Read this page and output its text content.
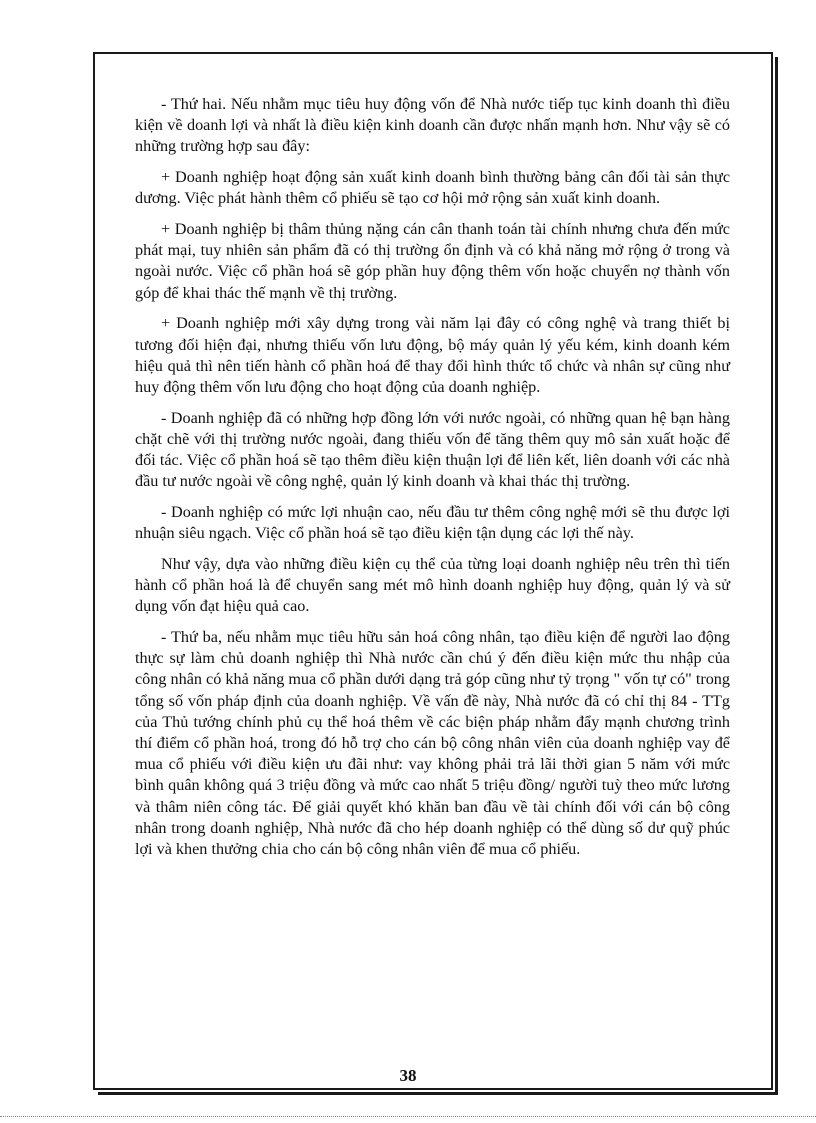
- Thứ hai. Nếu nhằm mục tiêu huy động vốn để Nhà nước tiếp tục kinh doanh thì điều kiện về doanh lợi và nhất là điều kiện kinh doanh cần được nhấn mạnh hơn. Như vậy sẽ có những trường hợp sau đây:

+ Doanh nghiệp hoạt động sản xuất kinh doanh bình thường bảng cân đối tài sản thực dương. Việc phát hành thêm cổ phiếu sẽ tạo cơ hội mở rộng sản xuất kinh doanh.

+ Doanh nghiệp bị thâm thủng nặng cán cân thanh toán tài chính nhưng chưa đến mức phát mại, tuy nhiên sản phẩm đã có thị trường ổn định và có khả năng mở rộng ở trong và ngoài nước. Việc cổ phần hoá sẽ góp phần huy động thêm vốn hoặc chuyển nợ thành vốn góp để khai thác thế mạnh về thị trường.

+ Doanh nghiệp mới xây dựng trong vài năm lại đây có công nghệ và trang thiết bị tương đối hiện đại, nhưng thiếu vốn lưu động, bộ máy quản lý yếu kém, kinh doanh kém hiệu quả thì nên tiến hành cổ phần hoá để thay đổi hình thức tổ chức và nhân sự cũng như huy động thêm vốn lưu động cho hoạt động của doanh nghiệp.

- Doanh nghiệp đã có những hợp đồng lớn với nước ngoài, có những quan hệ bạn hàng chặt chẽ với thị trường nước ngoài, đang thiếu vốn để tăng thêm quy mô sản xuất hoặc để đối tác. Việc cổ phần hoá sẽ tạo thêm điều kiện thuận lợi để liên kết, liên doanh với các nhà đầu tư nước ngoài về công nghệ, quản lý kinh doanh và khai thác thị trường.

- Doanh nghiệp có mức lợi nhuận cao, nếu đầu tư thêm công nghệ mới sẽ thu được lợi nhuận siêu ngạch. Việc cổ phần hoá sẽ tạo điều kiện tận dụng các lợi thế này.

Như vậy, dựa vào những điều kiện cụ thể của từng loại doanh nghiệp nêu trên thì tiến hành cổ phần hoá là để chuyển sang mét mô hình doanh nghiệp huy động, quản lý và sử dụng vốn đạt hiệu quả cao.

- Thứ ba, nếu nhằm mục tiêu hữu sản hoá công nhân, tạo điều kiện để người lao động thực sự làm chủ doanh nghiệp thì Nhà nước cần chú ý đến điều kiện mức thu nhập của công nhân có khả năng mua cổ phần dưới dạng trả góp cũng như tỷ trọng " vốn tự có" trong tổng số vốn pháp định của doanh nghiệp. Về vấn đề này, Nhà nước đã có chỉ thị 84 - TTg của Thủ tướng chính phủ cụ thể hoá thêm về các biện pháp nhằm đẩy mạnh chương trình thí điểm cổ phần hoá, trong đó hỗ trợ cho cán bộ công nhân viên của doanh nghiệp vay để mua cổ phiếu với điều kiện ưu đãi như: vay không phải trả lãi thời gian 5 năm với mức bình quân không quá 3 triệu đồng và mức cao nhất 5 triệu đồng/ người tuỳ theo mức lương và thâm niên công tác. Để giải quyết khó khăn ban đầu về tài chính đối với cán bộ công nhân trong doanh nghiệp, Nhà nước đã cho hép doanh nghiệp có thể dùng số dư quỹ phúc lợi và khen thưởng chia cho cán bộ công nhân viên để mua cổ phiếu.

38
